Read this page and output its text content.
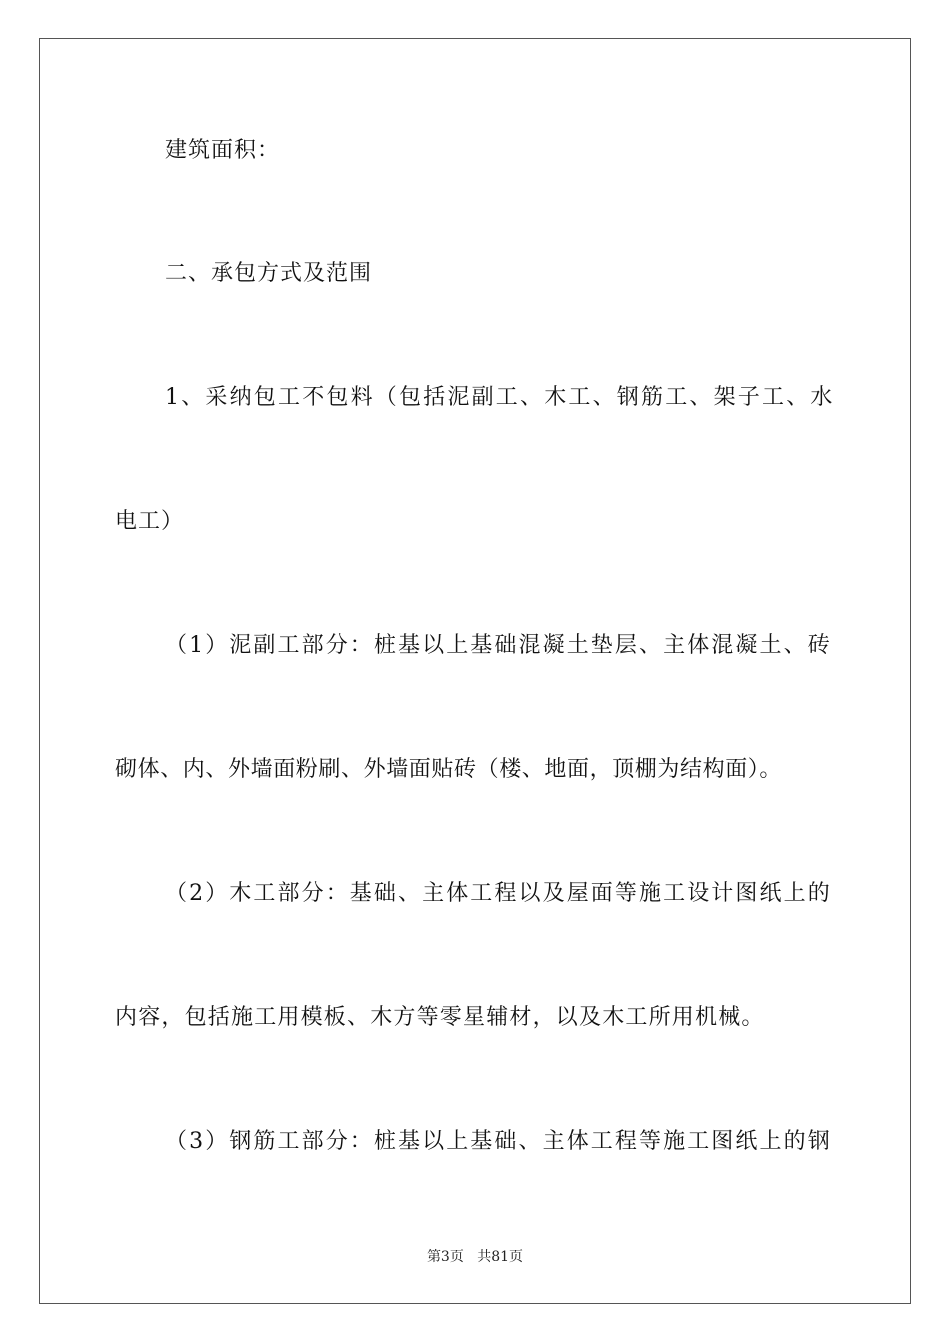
建筑面积：
二、承包方式及范围
1、采纳包工不包料（包括泥副工、木工、钢筋工、架子工、水
电工）
（1）泥副工部分：桩基以上基础混凝土垫层、主体混凝土、砖
砌体、内、外墙面粉刷、外墙面贴砖（楼、地面，顶棚为结构面）。
（2）木工部分：基础、主体工程以及屋面等施工设计图纸上的
内容，包括施工用模板、木方等零星辅材，以及木工所用机械。
（3）钢筋工部分：桩基以上基础、主体工程等施工图纸上的钢
第3页 共81页
